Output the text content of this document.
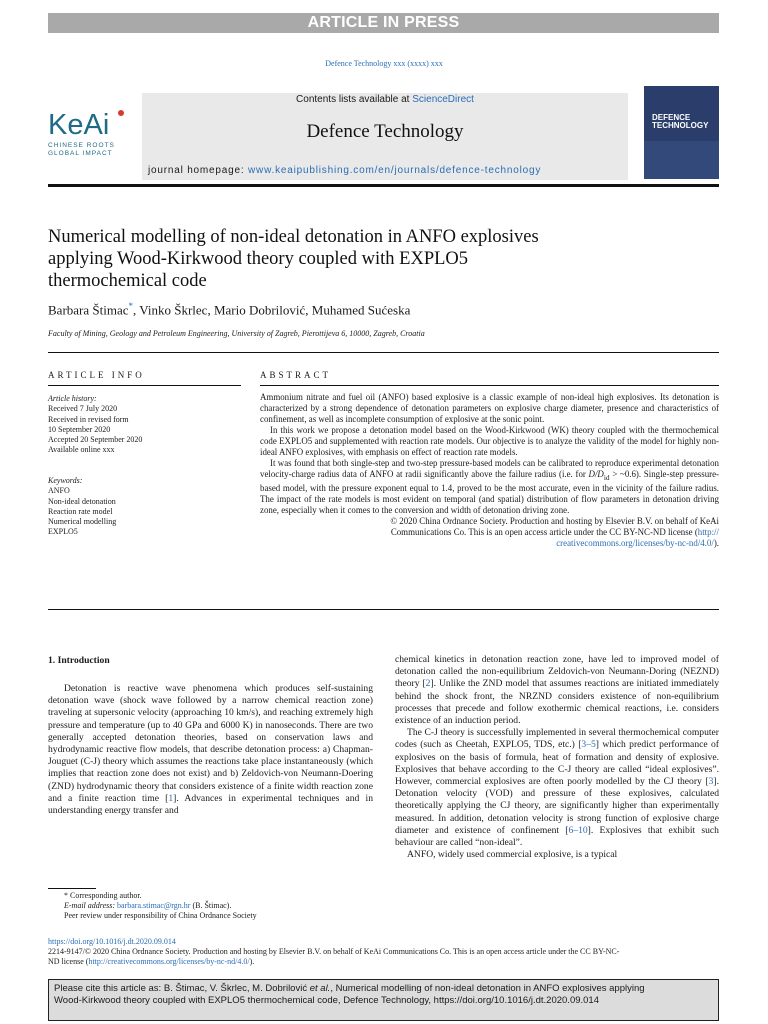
ARTICLE IN PRESS
Defence Technology xxx (xxxx) xxx
KeAi
CHINESE ROOTS
GLOBAL IMPACT
Contents lists available at ScienceDirect
Defence Technology
journal homepage: www.keaipublishing.com/en/journals/defence-technology
DEFENCE
TECHNOLOGY
Numerical modelling of non-ideal detonation in ANFO explosives
applying Wood-Kirkwood theory coupled with EXPLO5
thermochemical code
Barbara Štimac*, Vinko Škrlec, Mario Dobrilović, Muhamed Sućeska
Faculty of Mining, Geology and Petroleum Engineering, University of Zagreb, Pierottijeva 6, 10000, Zagreb, Croatia
ARTICLE INFO	ABSTRACT
Article history:
Received 7 July 2020
Received in revised form
10 September 2020
Accepted 20 September 2020
Available online xxx
Keywords:
ANFO
Non-ideal detonation
Reaction rate model
Numerical modelling
EXPLO5

Ammonium nitrate and fuel oil (ANFO) based explosive is a classic example of non-ideal high explosives. Its detonation is characterized by a strong dependence of detonation parameters on explosive charge diameter, presence and characteristics of confinement, as well as incomplete consumption of explosive at the sonic point.

In this work we propose a detonation model based on the Wood-Kirkwood (WK) theory coupled with the thermochemical code EXPLO5 and supplemented with reaction rate models. Our objective is to analyze the validity of the model for highly non-ideal ANFO explosives, with emphasis on effect of reaction rate models.

It was found that both single-step and two-step pressure-based models can be calibrated to reproduce experimental detonation velocity-charge radius data of ANFO at radii significantly above the failure radius (i.e. for $D/D_{id}$ > ~0.6). Single-step pressure-based model, with the pressure exponent equal to 1.4, proved to be the most accurate, even in the vicinity of the failure radius. The impact of the rate models is most evident on temporal (and spatial) distribution of flow parameters in detonation driving zone, especially when it comes to the conversion and width of detonation driving zone.

© 2020 China Ordnance Society. Production and hosting by Elsevier B.V. on behalf of KeAi
Communications Co. This is an open access article under the CC BY-NC-ND license (http://
creativecommons.org/licenses/by-nc-nd/4.0/).
1. Introduction

Detonation is reactive wave phenomena which produces self-sustaining detonation wave (shock wave followed by a narrow chemical reaction zone) traveling at supersonic velocity (approaching 10 km/s), and reaching extremely high pressure and temperature (up to 40 GPa and 6000 K) in nanoseconds. There are two generally accepted detonation theories, based on conservation laws and hydrodynamic reactive flow models, that describe detonation process: a) Chapman-Jouguet (C-J) theory which assumes the reactions take place instantaneously (which implies that reaction zone does not exist) and b) Zeldovich-von Neumann-Doering (ZND) hydrodynamic theory that considers existence of a finite width reaction zone and a finite reaction time [1]. Advances in experimental techniques and in understanding energy transfer and

chemical kinetics in detonation reaction zone, have led to improved model of detonation called the non-equilibrium Zeldovich-von Neumann-Doring (NEZND) theory [2]. Unlike the ZND model that assumes reactions are initiated immediately behind the shock front, the NRZND considers existence of non-equilibrium processes that precede and follow exothermic chemical reactions, i.e. considers existence of an induction period.

The C-J theory is successfully implemented in several thermochemical computer codes (such as Cheetah, EXPLO5, TDS, etc.) [3–5] which predict performance of explosives on the basis of formula, heat of formation and density of explosive. Explosives that behave according to the C-J theory are called “ideal explosives”. However, commercial explosives are often poorly modelled by the CJ theory [3]. Detonation velocity (VOD) and pressure of these explosives, calculated theoretically applying the CJ theory, are significantly higher than experimentally measured. In addition, detonation velocity is strong function of explosive charge diameter and existence of confinement [6–10]. Explosives that exhibit such behaviour are called “non-ideal”.

ANFO, widely used commercial explosive, is a typical

* Corresponding author.
E-mail address: barbara.stimac@rgn.hr (B. Štimac).
Peer review under responsibility of China Ordnance Society
https://doi.org/10.1016/j.dt.2020.09.014
2214-9147/© 2020 China Ordnance Society. Production and hosting by Elsevier B.V. on behalf of KeAi Communications Co. This is an open access article under the CC BY-NC-
ND license (http://creativecommons.org/licenses/by-nc-nd/4.0/).
Please cite this article as: B. Štimac, V. Škrlec, M. Dobrilović et al., Numerical modelling of non-ideal detonation in ANFO explosives applying
Wood-Kirkwood theory coupled with EXPLO5 thermochemical code, Defence Technology, https://doi.org/10.1016/j.dt.2020.09.014
